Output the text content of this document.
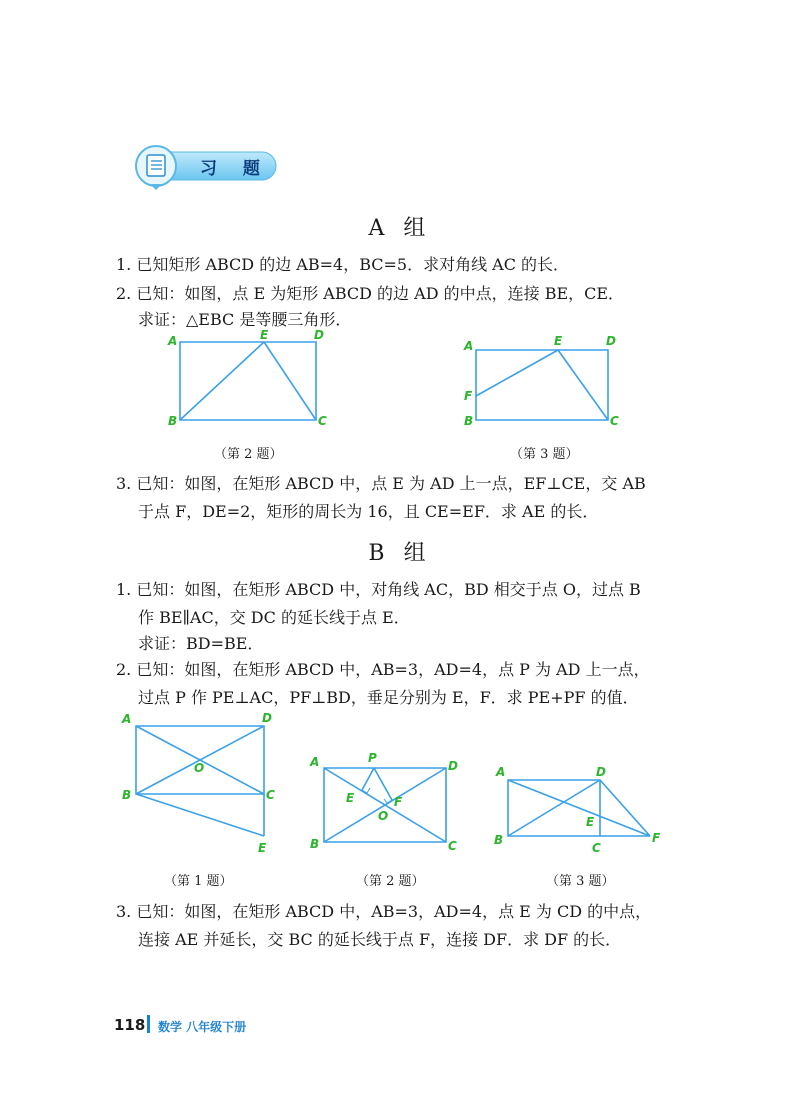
习 题
A 组
1. 已知矩形 ABCD 的边 AB=4，BC=5．求对角线 AC 的长．
2. 已知：如图，点 E 为矩形 ABCD 的边 AD 的中点，连接 BE，CE．
求证：△EBC 是等腰三角形．
A	E	D
B	C
（第 2 题）
A	E	D
F
B	C
（第 3 题）
3. 已知：如图，在矩形 ABCD 中，点 E 为 AD 上一点，EF⊥CE，交 AB
于点 F，DE=2，矩形的周长为 16，且 CE=EF．求 AE 的长．
B 组
1. 已知：如图，在矩形 ABCD 中，对角线 AC，BD 相交于点 O，过点 B
作 BE∥AC，交 DC 的延长线于点 E．
求证：BD=BE．
2. 已知：如图，在矩形 ABCD 中，AB=3，AD=4，点 P 为 AD 上一点，
过点 P 作 PE⊥AC，PF⊥BD，垂足分别为 E，F．求 PE+PF 的值．
A	D
O
B	C
E
（第 1 题）
A	P
D
E	F
O
B	C
（第 2 题）
A	D
E
B
C
F
（第 3 题）
3. 已知：如图，在矩形 ABCD 中，AB=3，AD=4，点 E 为 CD 的中点，
连接 AE 并延长，交 BC 的延长线于点 F，连接 DF．求 DF 的长．
118 数学 八年级下册
